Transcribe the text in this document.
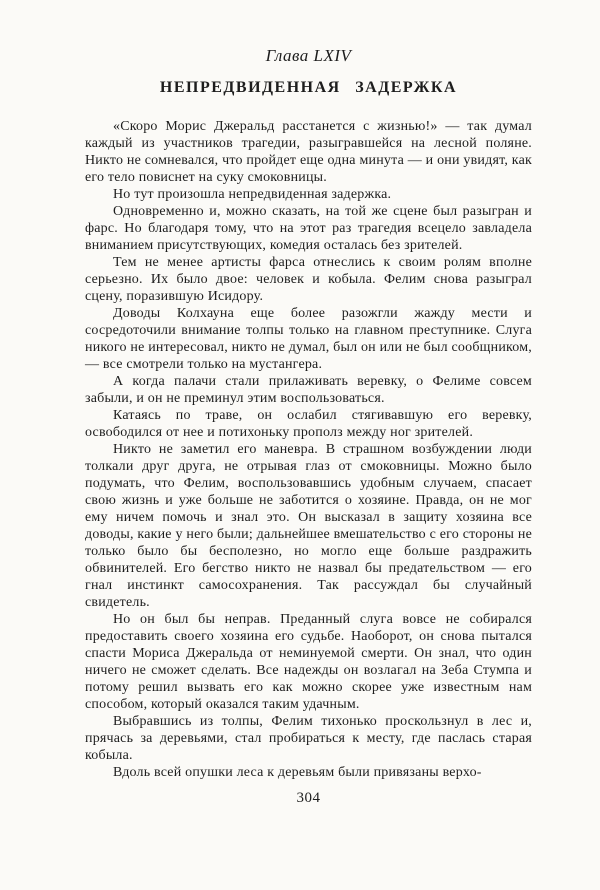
Глава LXIV
НЕПРЕДВИДЕННАЯ ЗАДЕРЖКА

«Скоро Морис Джеральд расстанется с жизнью!» — так думал каждый из участников трагедии, разыгравшейся на лесной поляне. Никто не сомневался, что пройдет еще одна минута — и они увидят, как его тело повиснет на суку смоковницы.

Но тут произошла непредвиденная задержка.

Одновременно и, можно сказать, на той же сцене был разыгран и фарс. Но благодаря тому, что на этот раз трагедия всецело завладела вниманием присутствующих, комедия осталась без зрителей.

Тем не менее артисты фарса отнеслись к своим ролям вполне серьезно. Их было двое: человек и кобыла. Фелим снова разыграл сцену, поразившую Исидору.

Доводы Колхауна еще более разожгли жажду мести и сосредоточили внимание толпы только на главном преступнике. Слуга никого не интересовал, никто не думал, был он или не был сообщником,— все смотрели только на мустангера.

А когда палачи стали прилаживать веревку, о Фелиме совсем забыли, и он не преминул этим воспользоваться.

Катаясь по траве, он ослабил стягивавшую его веревку, освободился от нее и потихоньку прополз между ног зрителей.

Никто не заметил его маневра. В страшном возбуждении люди толкали друг друга, не отрывая глаз от смоковницы. Можно было подумать, что Фелим, воспользовавшись удобным случаем, спасает свою жизнь и уже больше не заботится о хозяине. Правда, он не мог ему ничем помочь и знал это. Он высказал в защиту хозяина все доводы, какие у него были; дальнейшее вмешательство с его стороны не только было бы бесполезно, но могло еще больше раздражить обвинителей. Его бегство никто не назвал бы предательством — его гнал инстинкт самосохранения. Так рассуждал бы случайный свидетель.

Но он был бы неправ. Преданный слуга вовсе не собирался предоставить своего хозяина его судьбе. Наоборот, он снова пытался спасти Мориса Джеральда от неминуемой смерти. Он знал, что один ничего не сможет сделать. Все надежды он возлагал на Зеба Стумпа и потому решил вызвать его как можно скорее уже известным нам способом, который оказался таким удачным.

Выбравшись из толпы, Фелим тихонько проскользнул в лес и, прячась за деревьями, стал пробираться к месту, где паслась старая кобыла.

Вдоль всей опушки леса к деревьям были привязаны верхо-

304
